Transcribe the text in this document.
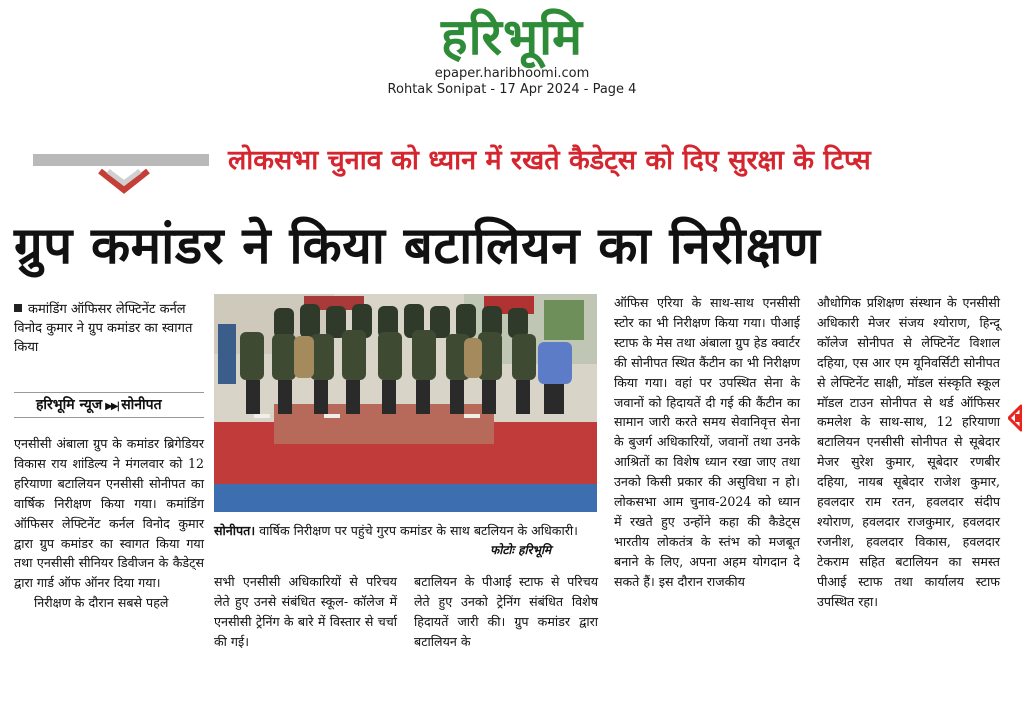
हरिभूमि
epaper.haribhoomi.com
Rohtak Sonipat - 17 Apr 2024 - Page 4
लोकसभा चुनाव को ध्यान में रखते कैडेट्स को दिए सुरक्षा के टिप्स
ग्रुप कमांडर ने किया बटालियन का निरीक्षण
कमांडिंग ऑफिसर लेफ्टिनेंट कर्नल विनोद कुमार ने ग्रुप कमांडर का स्वागत किया
हरिभूमि न्यूज ▶▶| सोनीपत

एनसीसी अंबाला ग्रुप के कमांडर ब्रिगेडियर विकास राय शांडिल्य ने मंगलवार को 12 हरियाणा बटालियन एनसीसी सोनीपत का वार्षिक निरीक्षण किया गया। कमांडिंग ऑफिसर लेफ्टिनेंट कर्नल विनोद कुमार द्वारा ग्रुप कमांडर का स्वागत किया गया तथा एनसीसी सीनियर डिवीजन के कैडेट्स द्वारा गार्ड ऑफ ऑनर दिया गया।

निरीक्षण के दौरान सबसे पहले

सोनीपत। वार्षिक निरीक्षण पर पहुंचे गुरप कमांडर के साथ बटलियन के अधिकारी।
फोटोः हरिभूमि

सभी एनसीसी अधिकारियों से परिचय लेते हुए उनसे संबंधित स्कूल- कॉलेज में एनसीसी ट्रेनिंग के बारे में विस्तार से चर्चा की गई।

बटालियन के पीआई स्टाफ से परिचय लेते हुए उनको ट्रेनिंग संबंधित विशेष हिदायतें जारी की। ग्रुप कमांडर द्वारा बटालियन के

ऑफिस एरिया के साथ-साथ एनसीसी स्टोर का भी निरीक्षण किया गया। पीआई स्टाफ के मेस तथा अंबाला ग्रुप हेड क्वार्टर की सोनीपत स्थित कैंटीन का भी निरीक्षण किया गया। वहां पर उपस्थित सेना के जवानों को हिदायतें दी गई की कैंटीन का सामान जारी करते समय सेवानिवृत्त सेना के बुजर्ग अधिकारियों, जवानों तथा उनके आश्रितों का विशेष ध्यान रखा जाए तथा उनको किसी प्रकार की असुविधा न हो। लोकसभा आम चुनाव-2024 को ध्यान में रखते हुए उन्होंने कहा की कैडेट्स भारतीय लोकतंत्र के स्तंभ को मजबूत बनाने के लिए, अपना अहम योगदान दे सकते हैं। इस दौरान राजकीय

औधोगिक प्रशिक्षण संस्थान के एनसीसी अधिकारी मेजर संजय श्योराण, हिन्दू कॉलेज सोनीपत से लेफ्टिनेंट विशाल दहिया, एस आर एम यूनिवर्सिटी सोनीपत से लेफ्टिनेंट साक्षी, मॉडल संस्कृति स्कूल मॉडल टाउन सोनीपत से थर्ड ऑफिसर कमलेश के साथ-साथ, 12 हरियाणा बटालियन एनसीसी सोनीपत से सूबेदार मेजर सुरेश कुमार, सूबेदार रणबीर दहिया, नायब सूबेदार राजेश कुमार, हवलदार राम रतन, हवलदार संदीप श्योराण, हवलदार राजकुमार, हवलदार रजनीश, हवलदार विकास, हवलदार टेकराम सहित बटालियन का समस्त पीआई स्टाफ तथा कार्यालय स्टाफ उपस्थित रहा।
